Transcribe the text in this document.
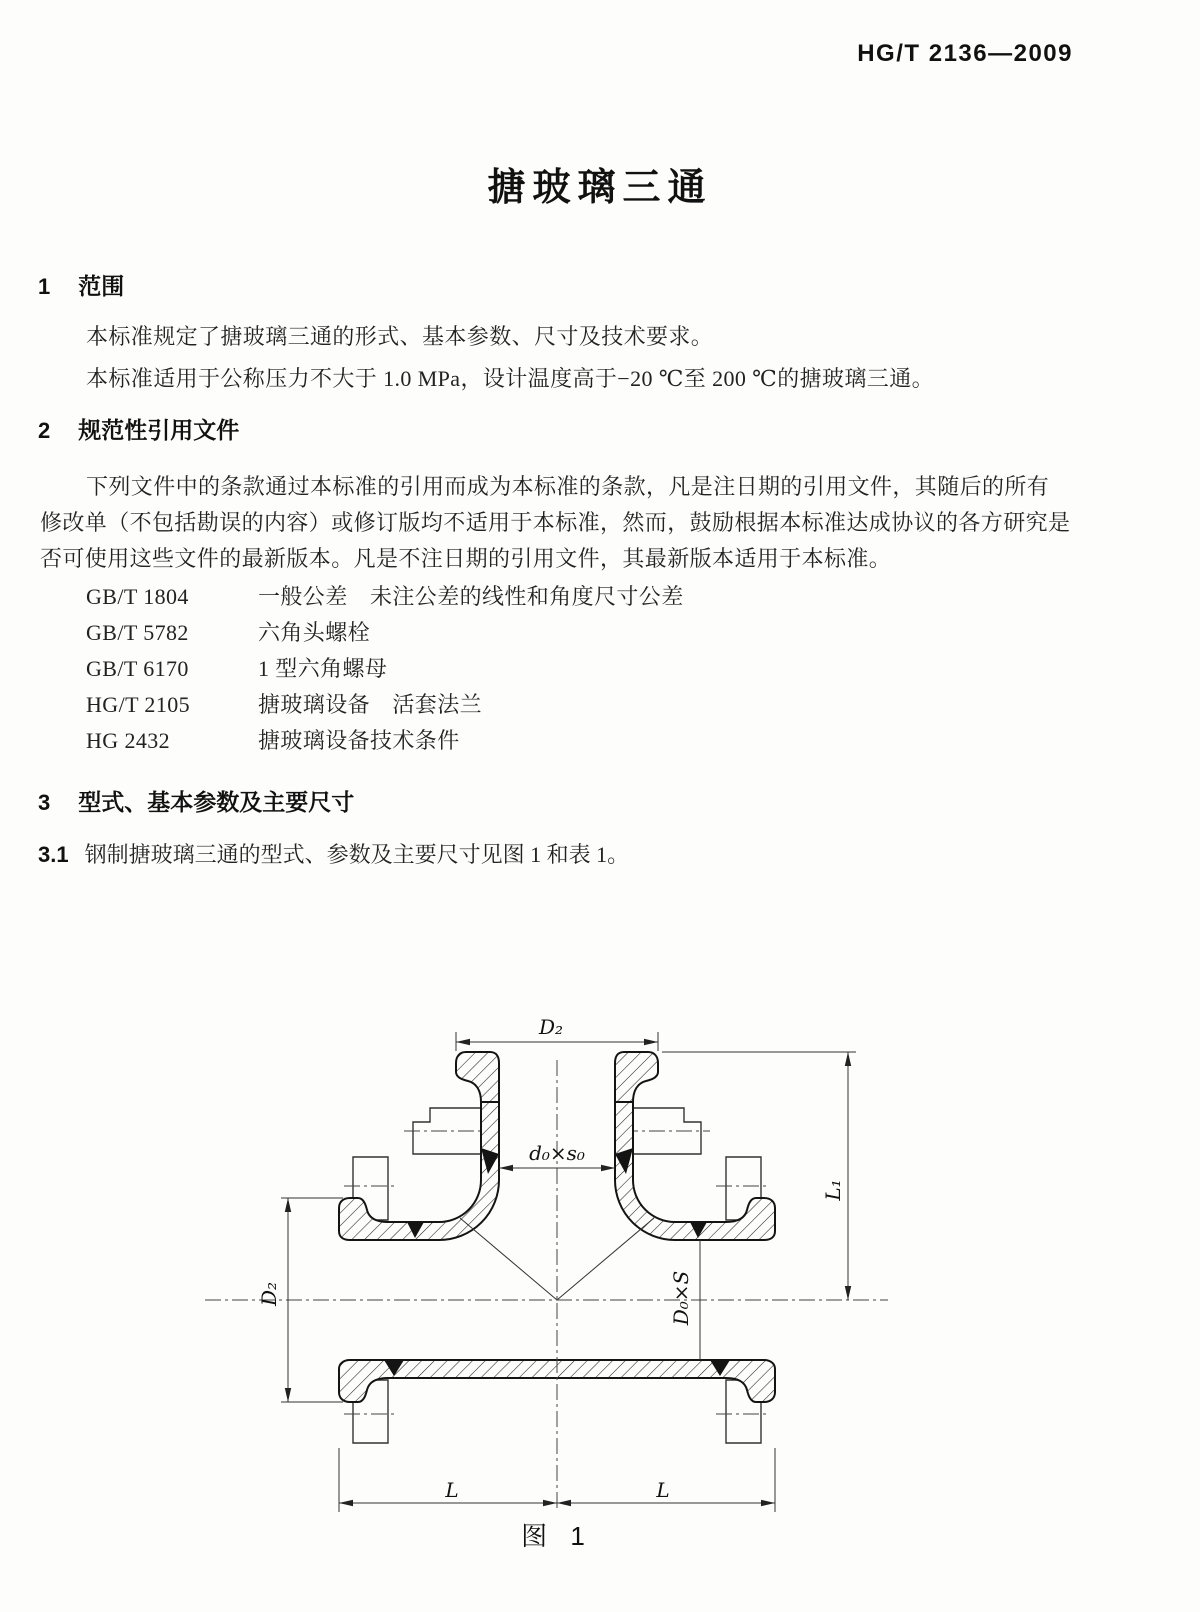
HG/T 2136—2009
搪玻璃三通
1 范围
本标准规定了搪玻璃三通的形式、基本参数、尺寸及技术要求。
本标准适用于公称压力不大于 1.0 MPa，设计温度高于−20 ℃至 200 ℃的搪玻璃三通。
2 规范性引用文件
下列文件中的条款通过本标准的引用而成为本标准的条款，凡是注日期的引用文件，其随后的所有
修改单（不包括勘误的内容）或修订版均不适用于本标准，然而，鼓励根据本标准达成协议的各方研究是
否可使用这些文件的最新版本。凡是不注日期的引用文件，其最新版本适用于本标准。
GB/T 1804	一般公差　未注公差的线性和角度尺寸公差
GB/T 5782	六角头螺栓
GB/T 6170	1 型六角螺母
HG/T 2105	搪玻璃设备　活套法兰
HG 2432	搪玻璃设备技术条件
3 型式、基本参数及主要尺寸
3.1 钢制搪玻璃三通的型式、参数及主要尺寸见图 1 和表 1。
D₂
d₀×s₀
L₁
D₂	D₀×S
L	L
图 1
